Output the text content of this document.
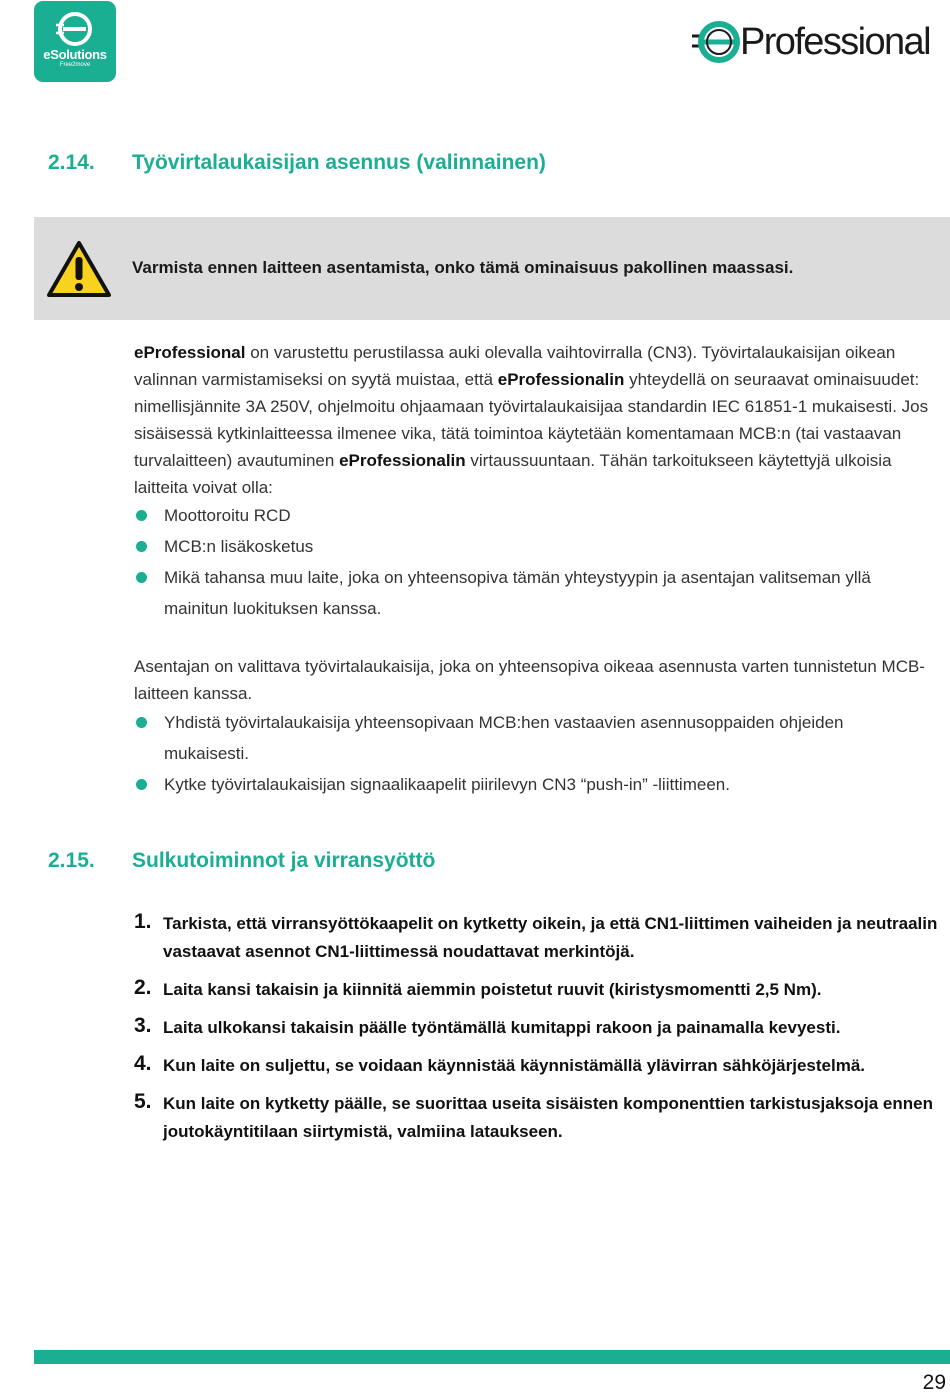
eSolutions
Free2move
Professional
2.14. Työvirtalaukaisijan asennus (valinnainen)
Varmista ennen laitteen asentamista, onko tämä ominaisuus pakollinen maassasi.

eProfessional on varustettu perustilassa auki olevalla vaihtovirralla (CN3). Työvirtalaukaisijan oikean valinnan varmistamiseksi on syytä muistaa, että eProfessionalin yhteydellä on seuraavat ominaisuudet: nimellisjännite 3A 250V, ohjelmoitu ohjaamaan työvirtalaukaisijaa standardin IEC 61851-1 mukaisesti. Jos sisäisessä kytkinlaitteessa ilmenee vika, tätä toimintoa käytetään komentamaan MCB:n (tai vastaavan turvalaitteen) avautuminen eProfessionalin virtaussuuntaan. Tähän tarkoitukseen käytettyjä ulkoisia laitteita voivat olla:

Moottoroitu RCD
MCB:n lisäkosketus
Mikä tahansa muu laite, joka on yhteensopiva tämän yhteystyypin ja asentajan valitseman yllä mainitun luokituksen kanssa.

Asentajan on valittava työvirtalaukaisija, joka on yhteensopiva oikeaa asennusta varten tunnistetun MCB-laitteen kanssa.

Yhdistä työvirtalaukaisija yhteensopivaan MCB:hen vastaavien asennusoppaiden ohjeiden mukaisesti.
Kytke työvirtalaukaisijan signaalikaapelit piirilevyn CN3 “push-in” -liittimeen.
2.15. Sulkutoiminnot ja virransyöttö
1. Tarkista, että virransyöttökaapelit on kytketty oikein, ja että CN1-liittimen vaiheiden ja neutraalin vastaavat asennot CN1-liittimessä noudattavat merkintöjä.
2. Laita kansi takaisin ja kiinnitä aiemmin poistetut ruuvit (kiristysmomentti 2,5 Nm).
3. Laita ulkokansi takaisin päälle työntämällä kumitappi rakoon ja painamalla kevyesti.
4. Kun laite on suljettu, se voidaan käynnistää käynnistämällä ylävirran sähköjärjestelmä.
5. Kun laite on kytketty päälle, se suorittaa useita sisäisten komponenttien tarkistusjaksoja ennen joutokäyntitilaan siirtymistä, valmiina lataukseen.
29
